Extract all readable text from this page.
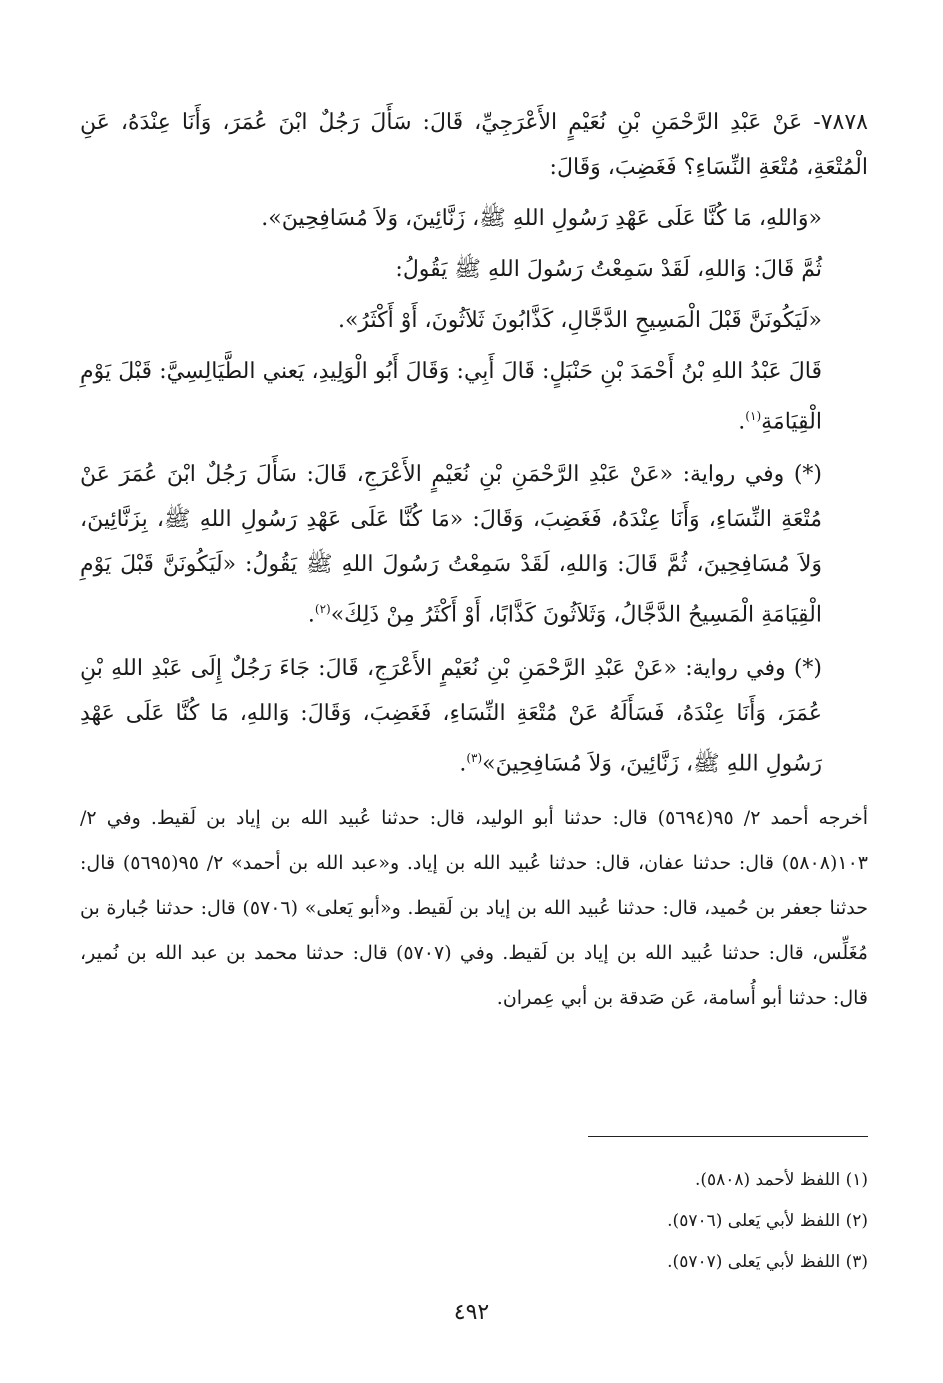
٧٨٧٨- عَنْ عَبْدِ الرَّحْمَنِ بْنِ نُعَيْمٍ الأَعْرَجِيِّ، قَالَ: سَأَلَ رَجُلٌ ابْنَ عُمَرَ، وَأَنَا عِنْدَهُ، عَنِ الْمُتْعَةِ، مُتْعَةِ النِّسَاءِ؟ فَغَضِبَ، وَقَالَ:

«وَاللهِ، مَا كُنَّا عَلَى عَهْدِ رَسُولِ اللهِ ﷺ، زَنَّائِينَ، وَلاَ مُسَافِحِينَ».

ثُمَّ قَالَ: وَاللهِ، لَقَدْ سَمِعْتُ رَسُولَ اللهِ ﷺ يَقُولُ:

«لَيَكُونَنَّ قَبْلَ الْمَسِيحِ الدَّجَّالِ، كَذَّابُونَ ثَلاَثُونَ، أَوْ أَكْثَرُ».

قَالَ عَبْدُ اللهِ بْنُ أَحْمَدَ بْنِ حَنْبَلٍ: قَالَ أَبِي: وَقَالَ أَبُو الْوَلِيدِ، يَعني الطَّيَالِسِيَّ: قَبْلَ يَوْمِ الْقِيَامَةِ$^{(١)}$.

(*) وفي رواية: «عَنْ عَبْدِ الرَّحْمَنِ بْنِ نُعَيْمٍ الأَعْرَجِ، قَالَ: سَأَلَ رَجُلٌ ابْنَ عُمَرَ عَنْ مُتْعَةِ النِّسَاءِ، وَأَنَا عِنْدَهُ، فَغَضِبَ، وَقَالَ: «مَا كُنَّا عَلَى عَهْدِ رَسُولِ اللهِ ﷺ، بِزَنَّائِينَ، وَلاَ مُسَافِحِينَ، ثُمَّ قَالَ: وَاللهِ، لَقَدْ سَمِعْتُ رَسُولَ اللهِ ﷺ يَقُولُ: «لَيَكُونَنَّ قَبْلَ يَوْمِ الْقِيَامَةِ الْمَسِيحُ الدَّجَّالُ، وَثَلاَثُونَ كَذَّابًا، أَوْ أَكْثَرُ مِنْ ذَلِكَ»$^{(٢)}$.

(*) وفي رواية: «عَنْ عَبْدِ الرَّحْمَنِ بْنِ نُعَيْمٍ الأَعْرَجِ، قَالَ: جَاءَ رَجُلٌ إِلَى عَبْدِ اللهِ بْنِ عُمَرَ، وَأَنَا عِنْدَهُ، فَسَأَلَهُ عَنْ مُتْعَةِ النِّسَاءِ، فَغَضِبَ، وَقَالَ: وَاللهِ، مَا كُنَّا عَلَى عَهْدِ رَسُولِ اللهِ ﷺ، زَنَّائِينَ، وَلاَ مُسَافِحِينَ»$^{(٣)}$.

أخرجه أحمد ٢/ ٩٥(٥٦٩٤) قال: حدثنا أبو الوليد، قال: حدثنا عُبيد الله بن إياد بن لَقيط. وفي ٢/ ١٠٣(٥٨٠٨) قال: حدثنا عفان، قال: حدثنا عُبيد الله بن إياد. و«عبد الله بن أحمد» ٢/ ٩٥(٥٦٩٥) قال: حدثنا جعفر بن حُميد، قال: حدثنا عُبيد الله بن إياد بن لَقيط. و«أبو يَعلى» (٥٧٠٦) قال: حدثنا جُبارة بن مُغَلِّس، قال: حدثنا عُبيد الله بن إياد بن لَقيط. وفي (٥٧٠٧) قال: حدثنا محمد بن عبد الله بن نُمير، قال: حدثنا أبو أُسامة، عَن صَدقة بن أبي عِمران.

(١) اللفظ لأحمد (٥٨٠٨).
(٢) اللفظ لأبي يَعلى (٥٧٠٦).
(٣) اللفظ لأبي يَعلى (٥٧٠٧).
٤٩٢
